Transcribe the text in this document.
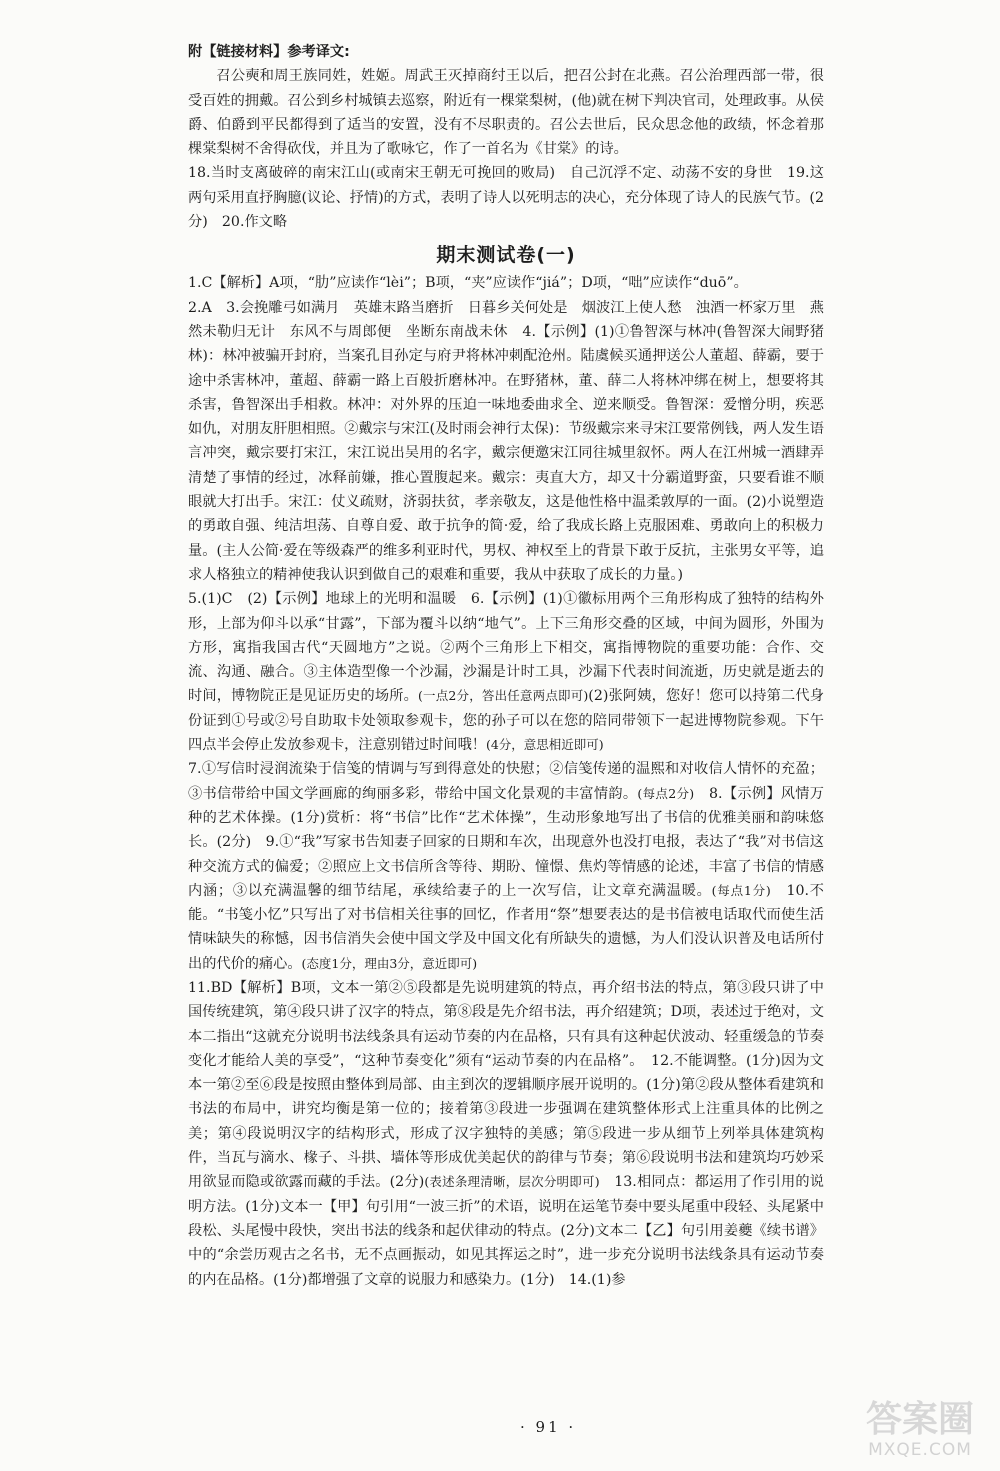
附【链接材料】参考译文:

召公奭和周王族同姓，姓姬。周武王灭掉商纣王以后，把召公封在北燕。召公治理西部一带，很受百姓的拥戴。召公到乡村城镇去巡察，附近有一棵棠梨树，(他)就在树下判决官司，处理政事。从侯爵、伯爵到平民都得到了适当的安置，没有不尽职责的。召公去世后，民众思念他的政绩，怀念着那棵棠梨树不舍得砍伐，并且为了歌咏它，作了一首名为《甘棠》的诗。

18.当时支离破碎的南宋江山(或南宋王朝无可挽回的败局)　自己沉浮不定、动荡不安的身世　19.这两句采用直抒胸臆(议论、抒情)的方式，表明了诗人以死明志的决心，充分体现了诗人的民族气节。(2分)　20.作文略

期末测试卷(一)

1.C【解析】A项，“肋”应读作“lèi”；B项，“夹”应读作“jiá”；D项，“咄”应读作“duō”。

2.A　3.会挽雕弓如满月　英雄末路当磨折　日暮乡关何处是　烟波江上使人愁　浊酒一杯家万里　燕然未勒归无计　东风不与周郎便　坐断东南战未休　4.【示例】(1)①鲁智深与林冲(鲁智深大闹野猪林)：林冲被骗开封府，当案孔目孙定与府尹将林冲刺配沧州。陆虞候买通押送公人董超、薛霸，要于途中杀害林冲，董超、薛霸一路上百般折磨林冲。在野猪林，董、薛二人将林冲绑在树上，想要将其杀害，鲁智深出手相救。林冲：对外界的压迫一味地委曲求全、逆来顺受。鲁智深：爱憎分明，疾恶如仇，对朋友肝胆相照。②戴宗与宋江(及时雨会神行太保)：节级戴宗来寻宋江要常例钱，两人发生语言冲突，戴宗要打宋江，宋江说出吴用的名字，戴宗便邀宋江同往城里叙怀。两人在江州城一酒肆弄清楚了事情的经过，冰释前嫌，推心置腹起来。戴宗：夷直大方，却又十分霸道野蛮，只要看谁不顺眼就大打出手。宋江：仗义疏财，济弱扶贫，孝亲敬友，这是他性格中温柔敦厚的一面。(2)小说塑造的勇敢自强、纯洁坦荡、自尊自爱、敢于抗争的简·爱，给了我成长路上克服困难、勇敢向上的积极力量。(主人公简·爱在等级森严的维多利亚时代，男权、神权至上的背景下敢于反抗，主张男女平等，追求人格独立的精神使我认识到做自己的艰难和重要，我从中获取了成长的力量。)

5.(1)C　(2)【示例】地球上的光明和温暖　6.【示例】(1)①徽标用两个三角形构成了独特的结构外形，上部为仰斗以承“甘露”，下部为覆斗以纳“地气”。上下三角形交叠的区域，中间为圆形，外围为方形，寓指我国古代“天圆地方”之说。②两个三角形上下相交，寓指博物院的重要功能：合作、交流、沟通、融合。③主体造型像一个沙漏，沙漏是计时工具，沙漏下代表时间流逝，历史就是逝去的时间，博物院正是见证历史的场所。(一点2分，答出任意两点即可)(2)张阿姨，您好！您可以持第二代身份证到①号或②号自助取卡处领取参观卡，您的孙子可以在您的陪同带领下一起进博物院参观。下午四点半会停止发放参观卡，注意别错过时间哦！(4分，意思相近即可)

7.①写信时浸润流染于信笺的情调与写到得意处的快慰；②信笺传递的温熙和对收信人情怀的充盈；③书信带给中国文学画廊的绚丽多彩，带给中国文化景观的丰富情韵。(每点2分)　8.【示例】风情万种的艺术体操。(1分)赏析：将“书信”比作“艺术体操”，生动形象地写出了书信的优雅美丽和韵味悠长。(2分)　9.①“我”写家书告知妻子回家的日期和车次，出现意外也没打电报，表达了“我”对书信这种交流方式的偏爱；②照应上文书信所含等待、期盼、憧憬、焦灼等情感的论述，丰富了书信的情感内涵；③以充满温馨的细节结尾，承续给妻子的上一次写信，让文章充满温暖。(每点1分)　10.不能。“书笺小忆”只写出了对书信相关往事的回忆，作者用“祭”想要表达的是书信被电话取代而使生活情味缺失的称憾，因书信消失会使中国文学及中国文化有所缺失的遗憾，为人们没认识普及电话所付出的代价的痛心。(态度1分，理由3分，意近即可)

11.BD【解析】B项，文本一第②⑤段都是先说明建筑的特点，再介绍书法的特点，第③段只讲了中国传统建筑，第④段只讲了汉字的特点，第⑧段是先介绍书法，再介绍建筑；D项，表述过于绝对，文本二指出“这就充分说明书法线条具有运动节奏的内在品格，只有具有这种起伏波动、轻重缓急的节奏变化才能给人美的享受”，“这种节奏变化”须有“运动节奏的内在品格”。　12.不能调整。(1分)因为文本一第②至⑥段是按照由整体到局部、由主到次的逻辑顺序展开说明的。(1分)第②段从整体看建筑和书法的布局中，讲究均衡是第一位的；接着第③段进一步强调在建筑整体形式上注重具体的比例之美；第④段说明汉字的结构形式，形成了汉字独特的美感；第⑤段进一步从细节上列举具体建筑构件，当瓦与滴水、椽子、斗拱、墙体等形成优美起伏的韵律与节奏；第⑥段说明书法和建筑均巧妙采用欲显而隐或欲露而藏的手法。(2分)(表述条理清晰，层次分明即可)　13.相同点：都运用了作引用的说明方法。(1分)文本一【甲】句引用“一波三折”的术语，说明在运笔节奏中要头尾重中段轻、头尾紧中段松、头尾慢中段快，突出书法的线条和起伏律动的特点。(2分)文本二【乙】句引用姜夔《续书谱》中的“余尝历观古之名书，无不点画振动，如见其挥运之时”，进一步充分说明书法线条具有运动节奏的内在品格。(1分)都增强了文章的说服力和感染力。(1分)　14.(1)参

· 91 ·	答案圈
MXQE.COM
